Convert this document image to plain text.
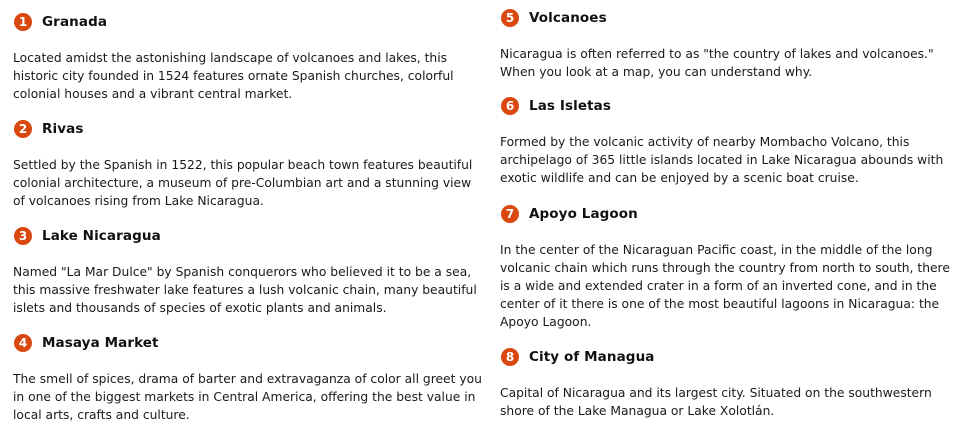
1	Granada

Located amidst the astonishing landscape of volcanoes and lakes, this historic city founded in 1524 features ornate Spanish churches, colorful colonial houses and a vibrant central market.

2	Rivas

Settled by the Spanish in 1522, this popular beach town features beautiful colonial architecture, a museum of pre-Columbian art and a stunning view of volcanoes rising from Lake Nicaragua.

3	Lake Nicaragua

Named "La Mar Dulce" by Spanish conquerors who believed it to be a sea, this massive freshwater lake features a lush volcanic chain, many beautiful islets and thousands of species of exotic plants and animals.

4	Masaya Market

The smell of spices, drama of barter and extravaganza of color all greet you in one of the biggest markets in Central America, offering the best value in local arts, crafts and culture.

5	Volcanoes

Nicaragua is often referred to as "the country of lakes and volcanoes." When you look at a map, you can understand why.

6	Las Isletas

Formed by the volcanic activity of nearby Mombacho Volcano, this archipelago of 365 little islands located in Lake Nicaragua abounds with exotic wildlife and can be enjoyed by a scenic boat cruise.

7	Apoyo Lagoon

In the center of the Nicaraguan Pacific coast, in the middle of the long volcanic chain which runs through the country from north to south, there is a wide and extended crater in a form of an inverted cone, and in the center of it there is one of the most beautiful lagoons in Nicaragua: the Apoyo Lagoon.

8	City of Managua

Capital of Nicaragua and its largest city. Situated on the southwestern shore of the Lake Managua or Lake Xolotlán.
